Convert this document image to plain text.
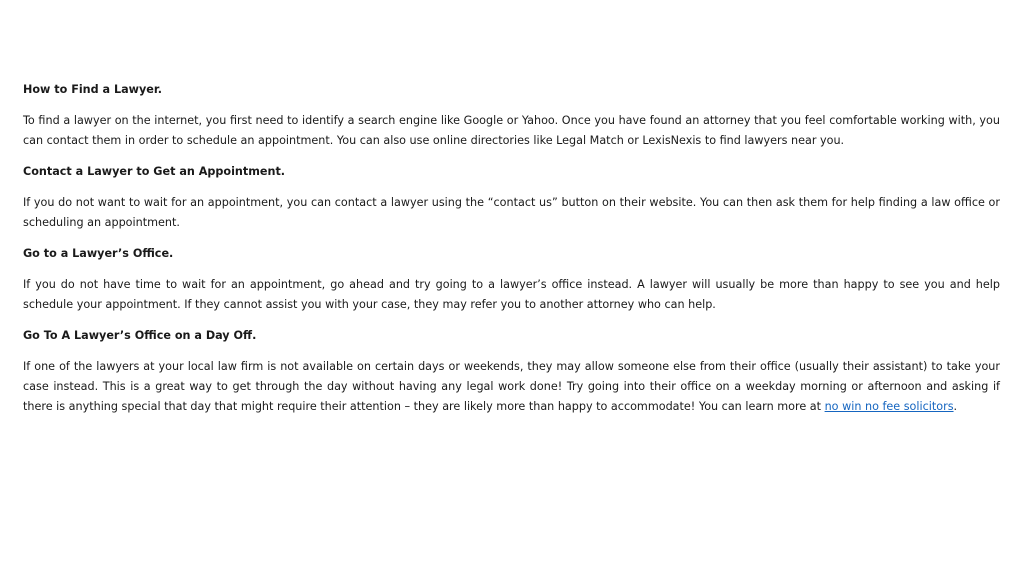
How to Find a Lawyer.
To find a lawyer on the internet, you first need to identify a search engine like Google or Yahoo. Once you have found an attorney that you feel comfortable working with, you can contact them in order to schedule an appointment. You can also use online directories like Legal Match or LexisNexis to find lawyers near you.
Contact a Lawyer to Get an Appointment.
If you do not want to wait for an appointment, you can contact a lawyer using the “contact us” button on their website. You can then ask them for help finding a law office or scheduling an appointment.
Go to a Lawyer’s Office.
If you do not have time to wait for an appointment, go ahead and try going to a lawyer’s office instead. A lawyer will usually be more than happy to see you and help schedule your appointment. If they cannot assist you with your case, they may refer you to another attorney who can help.
Go To A Lawyer’s Office on a Day Off.
If one of the lawyers at your local law firm is not available on certain days or weekends, they may allow someone else from their office (usually their assistant) to take your case instead. This is a great way to get through the day without having any legal work done! Try going into their office on a weekday morning or afternoon and asking if there is anything special that day that might require their attention – they are likely more than happy to accommodate! You can learn more at no win no fee solicitors.
